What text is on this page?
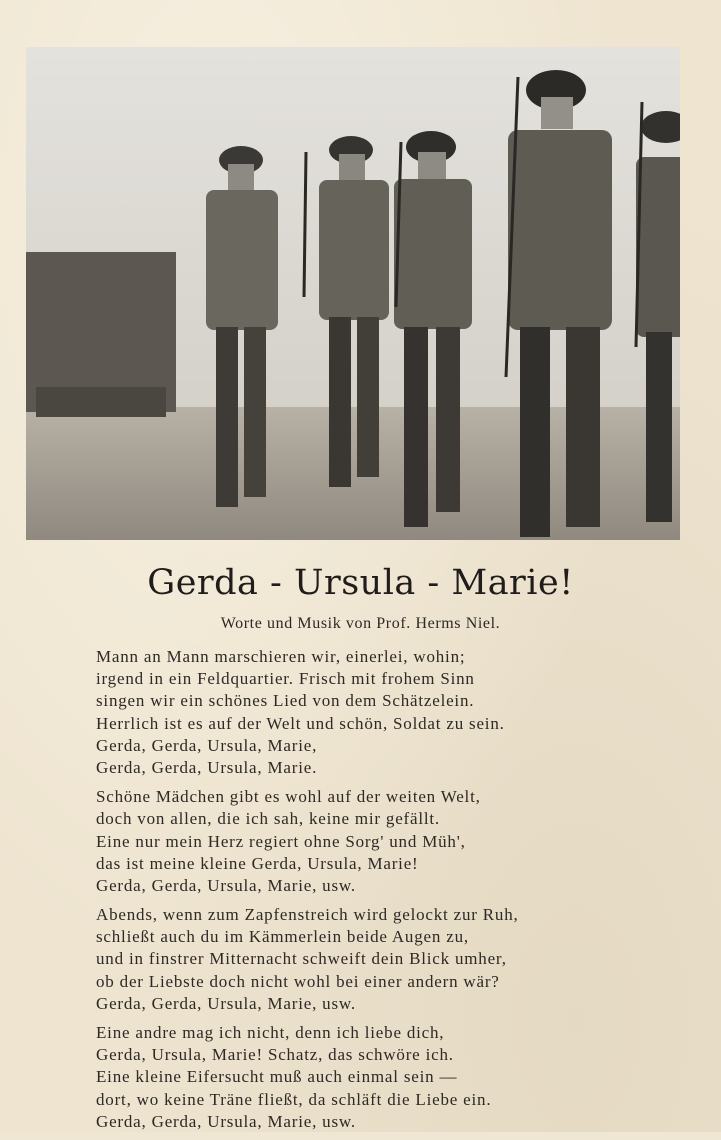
Gerda - Ursula - Marie!
Worte und Musik von Prof. Herms Niel.
Mann an Mann marschieren wir, einerlei, wohin;
irgend in ein Feldquartier. Frisch mit frohem Sinn
singen wir ein schönes Lied von dem Schätzelein.
Herrlich ist es auf der Welt und schön, Soldat zu sein.
Gerda, Gerda, Ursula, Marie,
Gerda, Gerda, Ursula, Marie.
Schöne Mädchen gibt es wohl auf der weiten Welt,
doch von allen, die ich sah, keine mir gefällt.
Eine nur mein Herz regiert ohne Sorg' und Müh',
das ist meine kleine Gerda, Ursula, Marie!
Gerda, Gerda, Ursula, Marie, usw.
Abends, wenn zum Zapfenstreich wird gelockt zur Ruh,
schließt auch du im Kämmerlein beide Augen zu,
und in finstrer Mitternacht schweift dein Blick umher,
ob der Liebste doch nicht wohl bei einer andern wär?
Gerda, Gerda, Ursula, Marie, usw.
Eine andre mag ich nicht, denn ich liebe dich,
Gerda, Ursula, Marie! Schatz, das schwöre ich.
Eine kleine Eifersucht muß auch einmal sein —
dort, wo keine Träne fließt, da schläft die Liebe ein.
Gerda, Gerda, Ursula, Marie, usw.
